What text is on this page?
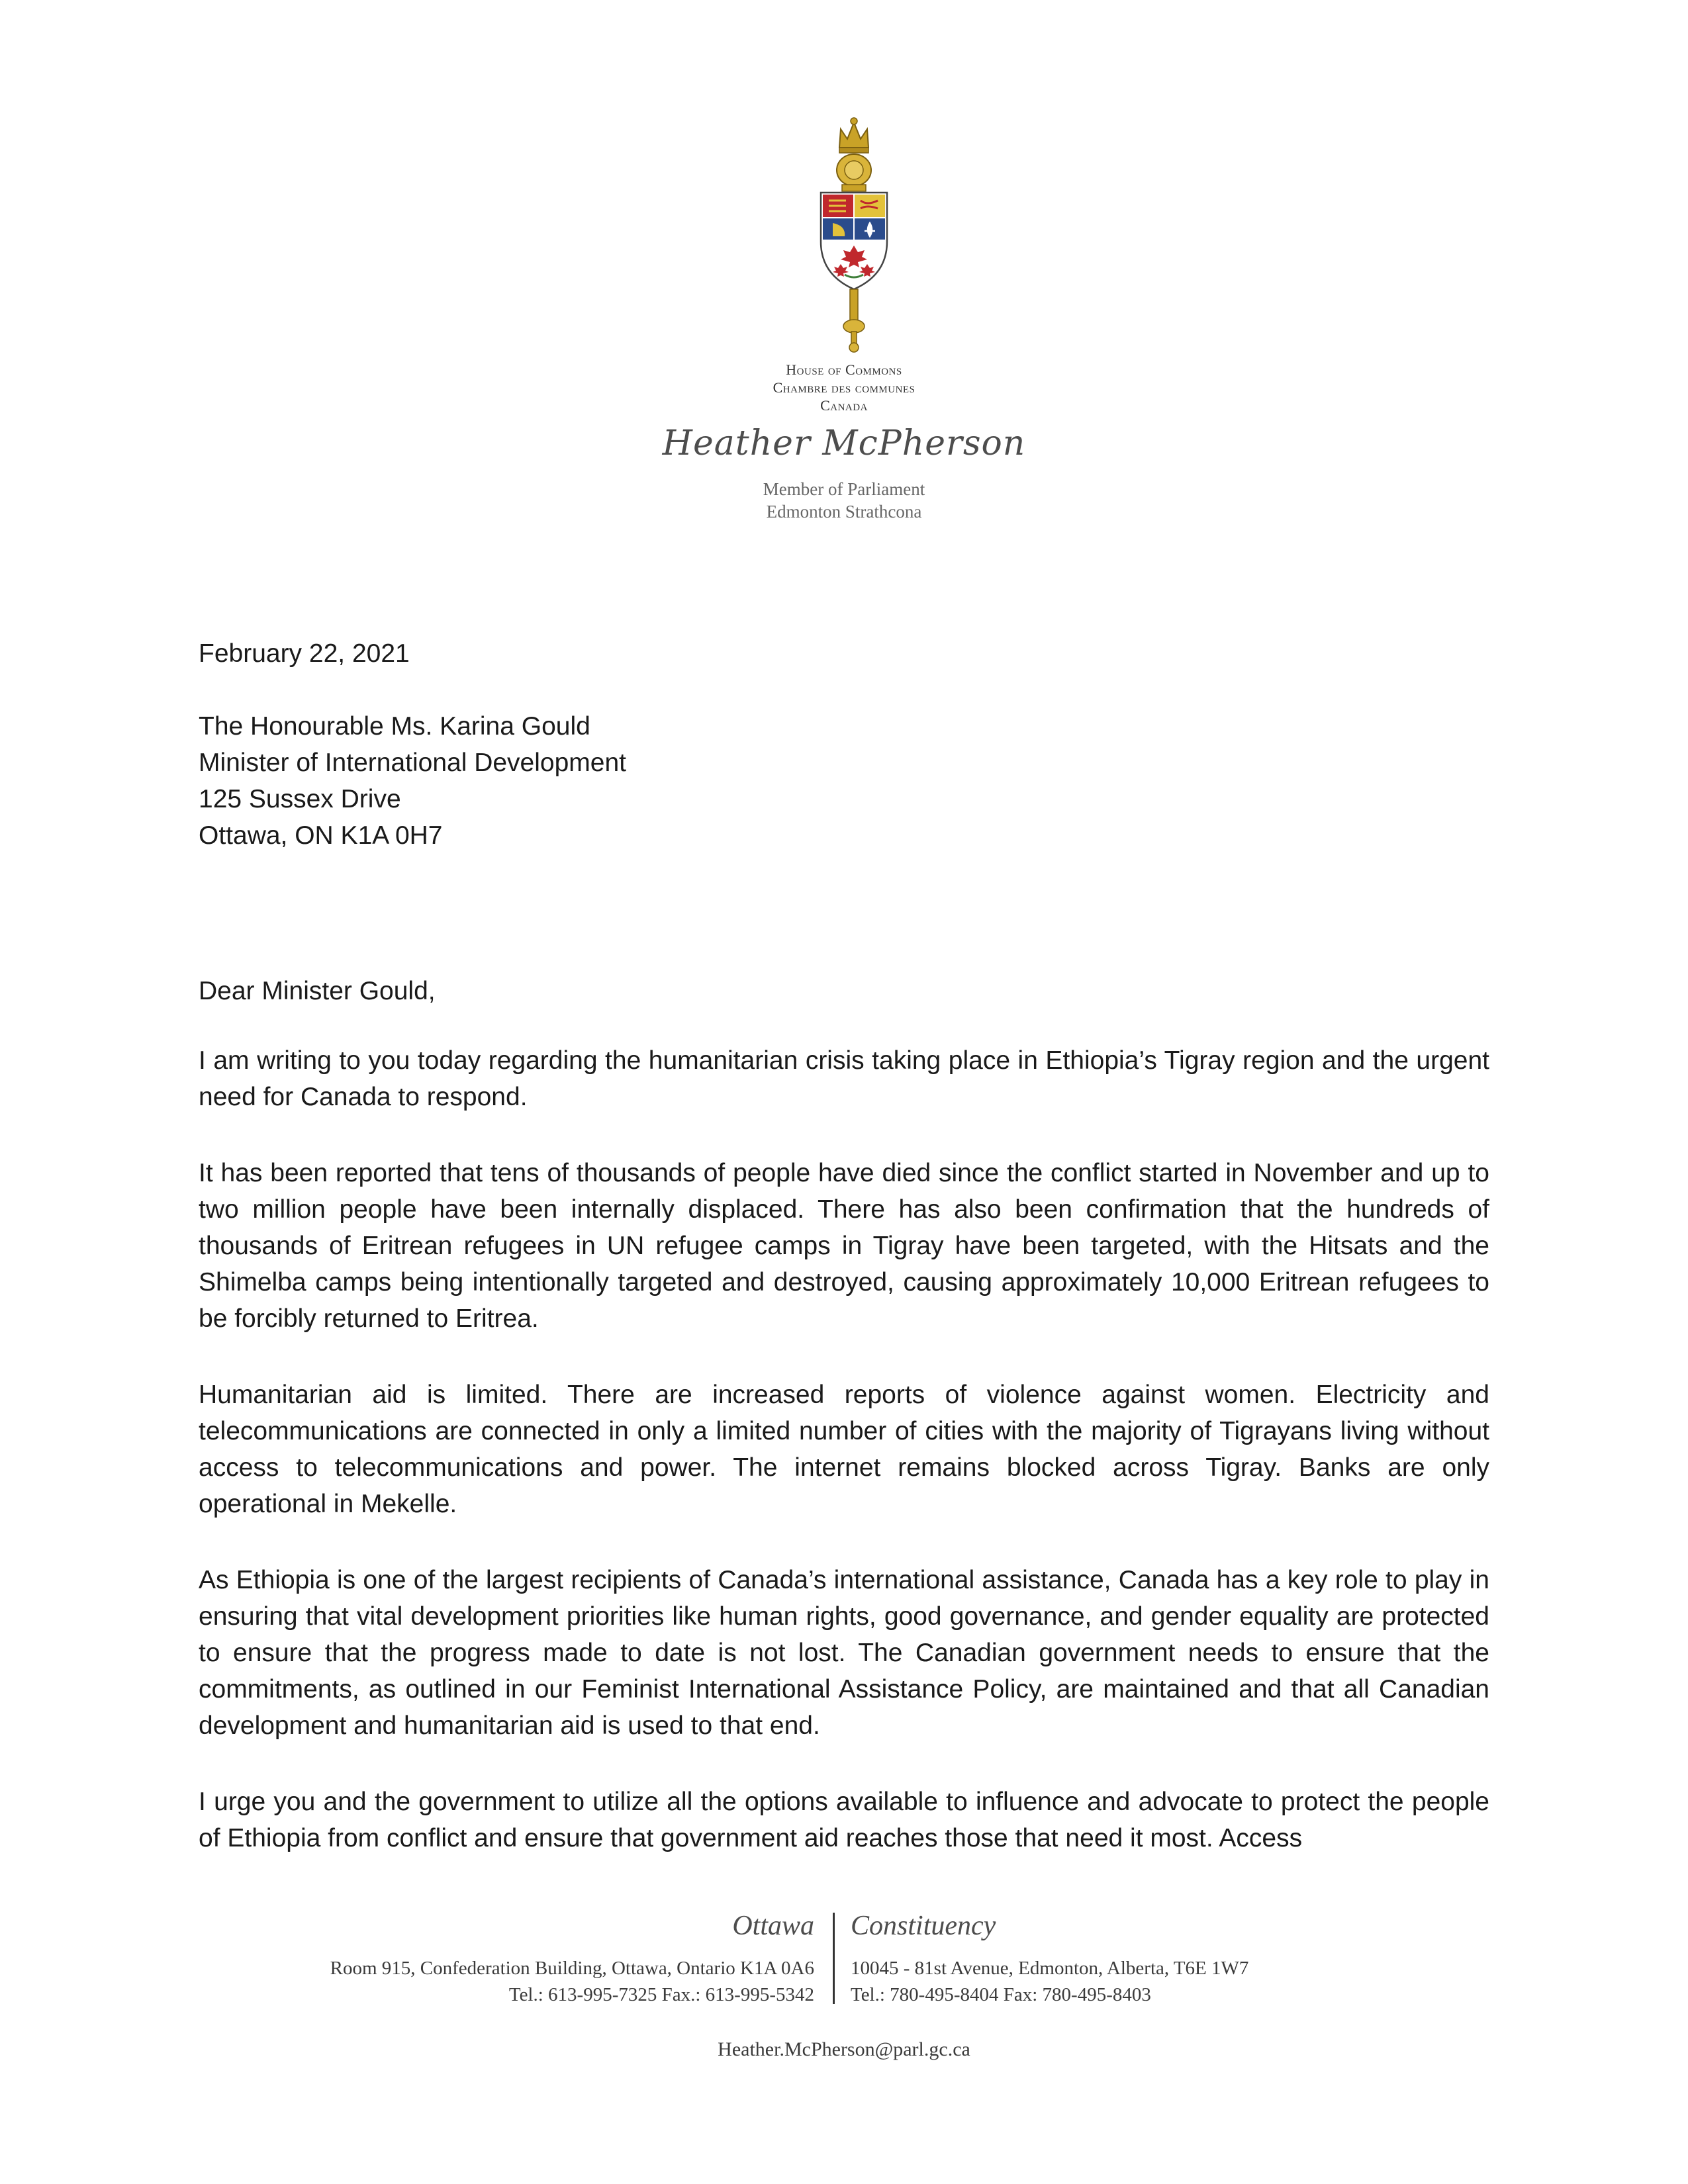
House of Commons
Chambre des communes
Canada
Heather McPherson
Member of Parliament
Edmonton Strathcona
February 22, 2021
The Honourable Ms. Karina Gould
Minister of International Development
125 Sussex Drive
Ottawa, ON K1A 0H7
Dear Minister Gould,
I am writing to you today regarding the humanitarian crisis taking place in Ethiopia’s Tigray region and the urgent need for Canada to respond.
It has been reported that tens of thousands of people have died since the conflict started in November and up to two million people have been internally displaced. There has also been confirmation that the hundreds of thousands of Eritrean refugees in UN refugee camps in Tigray have been targeted, with the Hitsats and the Shimelba camps being intentionally targeted and destroyed, causing approximately 10,000 Eritrean refugees to be forcibly returned to Eritrea.
Humanitarian aid is limited. There are increased reports of violence against women. Electricity and telecommunications are connected in only a limited number of cities with the majority of Tigrayans living without access to telecommunications and power. The internet remains blocked across Tigray. Banks are only operational in Mekelle.
As Ethiopia is one of the largest recipients of Canada’s international assistance, Canada has a key role to play in ensuring that vital development priorities like human rights, good governance, and gender equality are protected to ensure that the progress made to date is not lost. The Canadian government needs to ensure that the commitments, as outlined in our Feminist International Assistance Policy, are maintained and that all Canadian development and humanitarian aid is used to that end.
I urge you and the government to utilize all the options available to influence and advocate to protect the people of Ethiopia from conflict and ensure that government aid reaches those that need it most. Access
Ottawa Constituency
Room 915, Confederation Building, Ottawa, Ontario K1A 0A6
Tel.: 613-995-7325 Fax.: 613-995-5342
10045 - 81st Avenue, Edmonton, Alberta, T6E 1W7
Tel.: 780-495-8404 Fax: 780-495-8403
Heather.McPherson@parl.gc.ca
